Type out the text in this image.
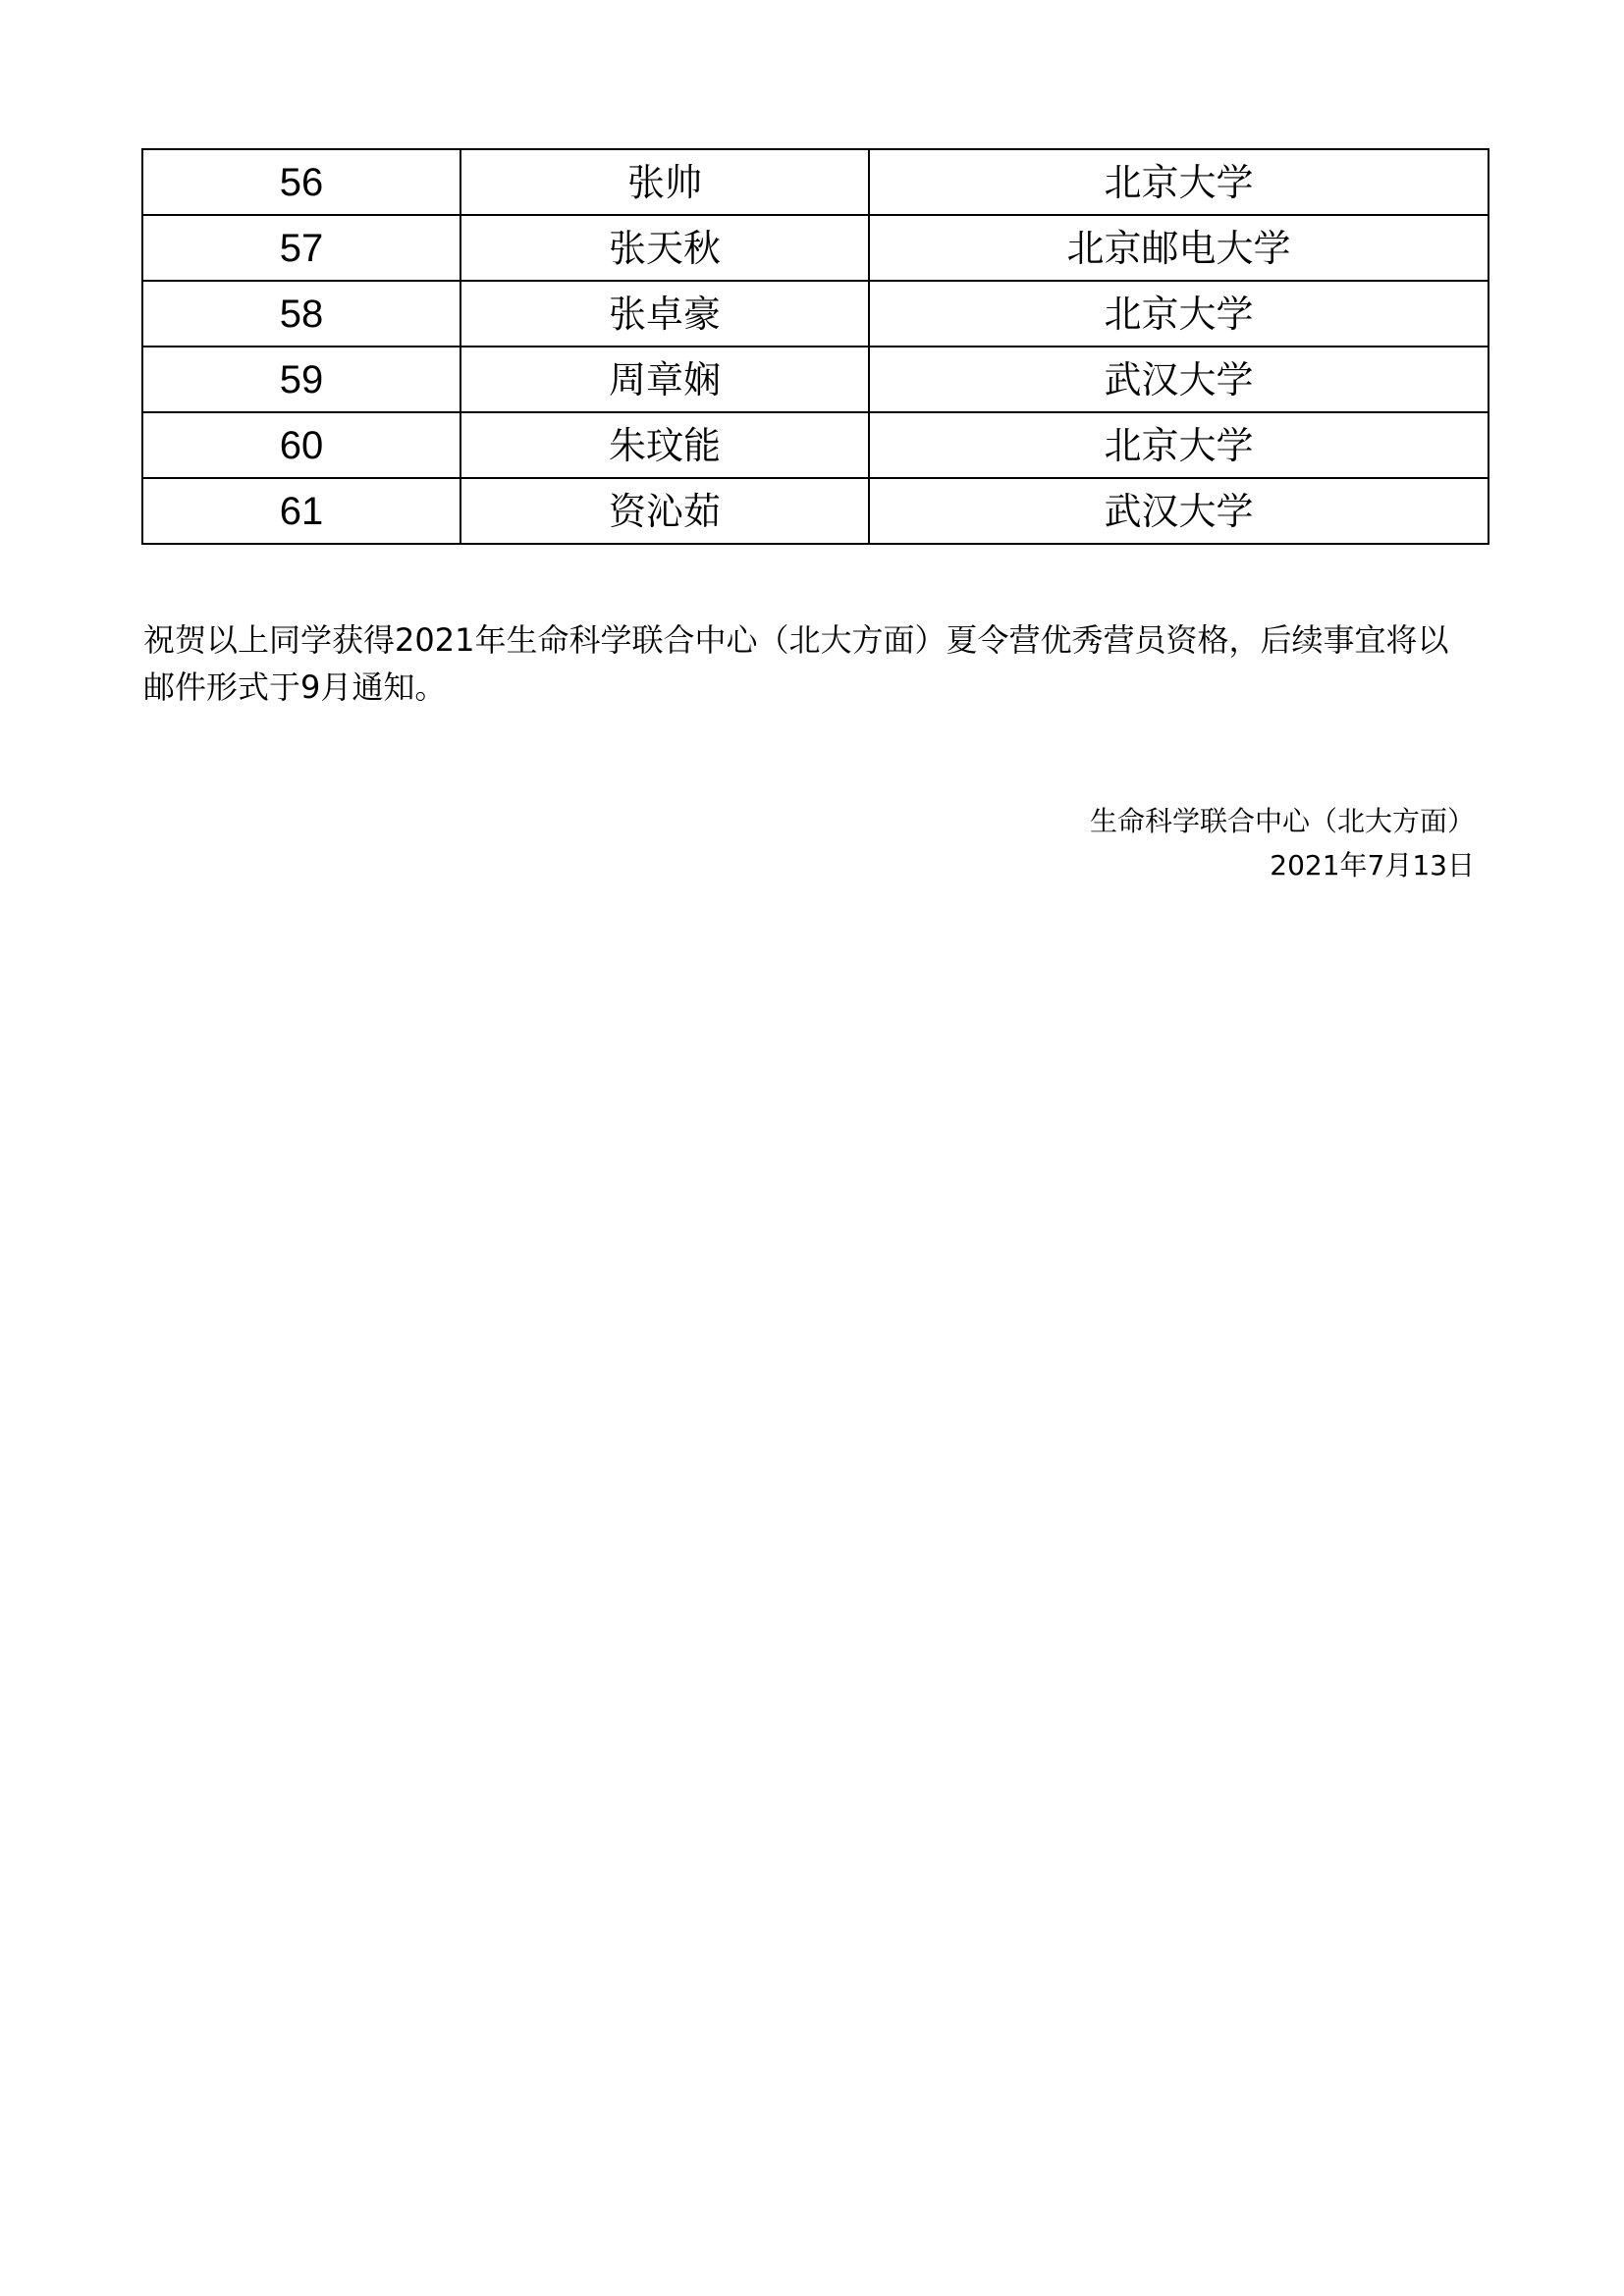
56	张帅	北京大学
57	张天秋	北京邮电大学
58	张卓豪	北京大学
59	周章娴	武汉大学
60	朱玟能	北京大学
61	资沁茹	武汉大学

祝贺以上同学获得2021年生命科学联合中心（北大方面）夏令营优秀营员资格，后续事宜将以邮件形式于9月通知。

生命科学联合中心（北大方面）
2021年7月13日
